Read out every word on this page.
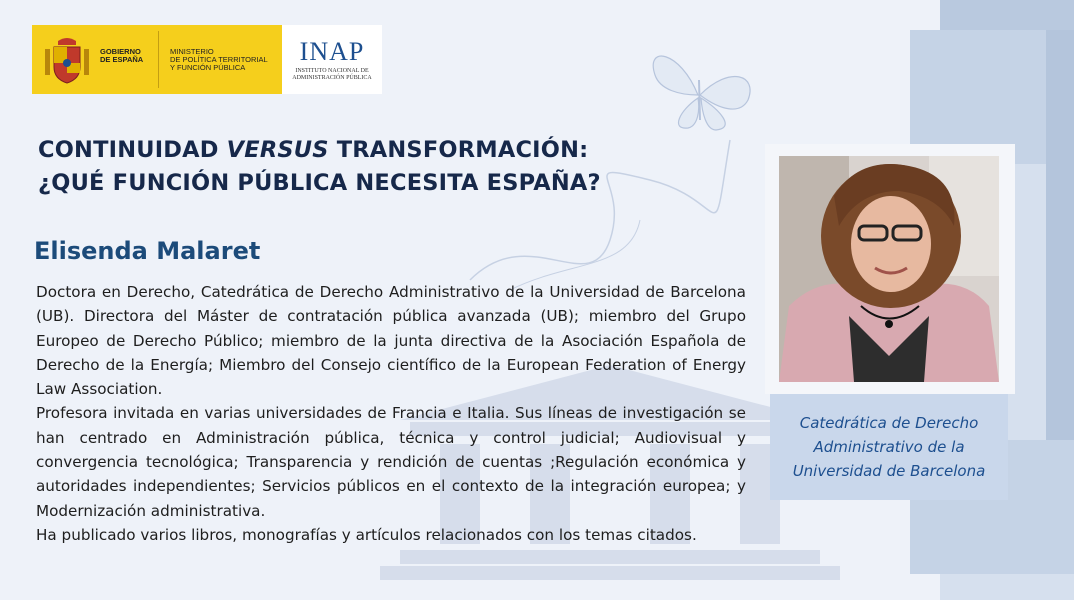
GOBIERNO
DE ESPAÑA
MINISTERIO
DE POLÍTICA TERRITORIAL
Y FUNCIÓN PÚBLICA
INAP
INSTITUTO NACIONAL DE
ADMINISTRACIÓN PÚBLICA
CONTINUIDAD VERSUS TRANSFORMACIÓN:
¿QUÉ FUNCIÓN PÚBLICA NECESITA ESPAÑA?
Elisenda Malaret

Doctora en Derecho, Catedrática de Derecho Administrativo de la Universidad de Barcelona (UB). Directora del Máster de contratación pública avanzada (UB); miembro del Grupo Europeo de Derecho Público; miembro de la junta directiva de la Asociación Española de Derecho de la Energía; Miembro del Consejo científico de la European Federation of Energy Law Association.

Profesora invitada en varias universidades de Francia e Italia. Sus líneas de investigación se han centrado en Administración pública, técnica y control judicial; Audiovisual y convergencia tecnológica; Transparencia y rendición de cuentas ;Regulación económica y autoridades independientes; Servicios públicos en el contexto de la integración europea; y Modernización administrativa.

Ha publicado varios libros, monografías y artículos relacionados con los temas citados.

Catedrática de Derecho
Administrativo de la
Universidad de Barcelona
